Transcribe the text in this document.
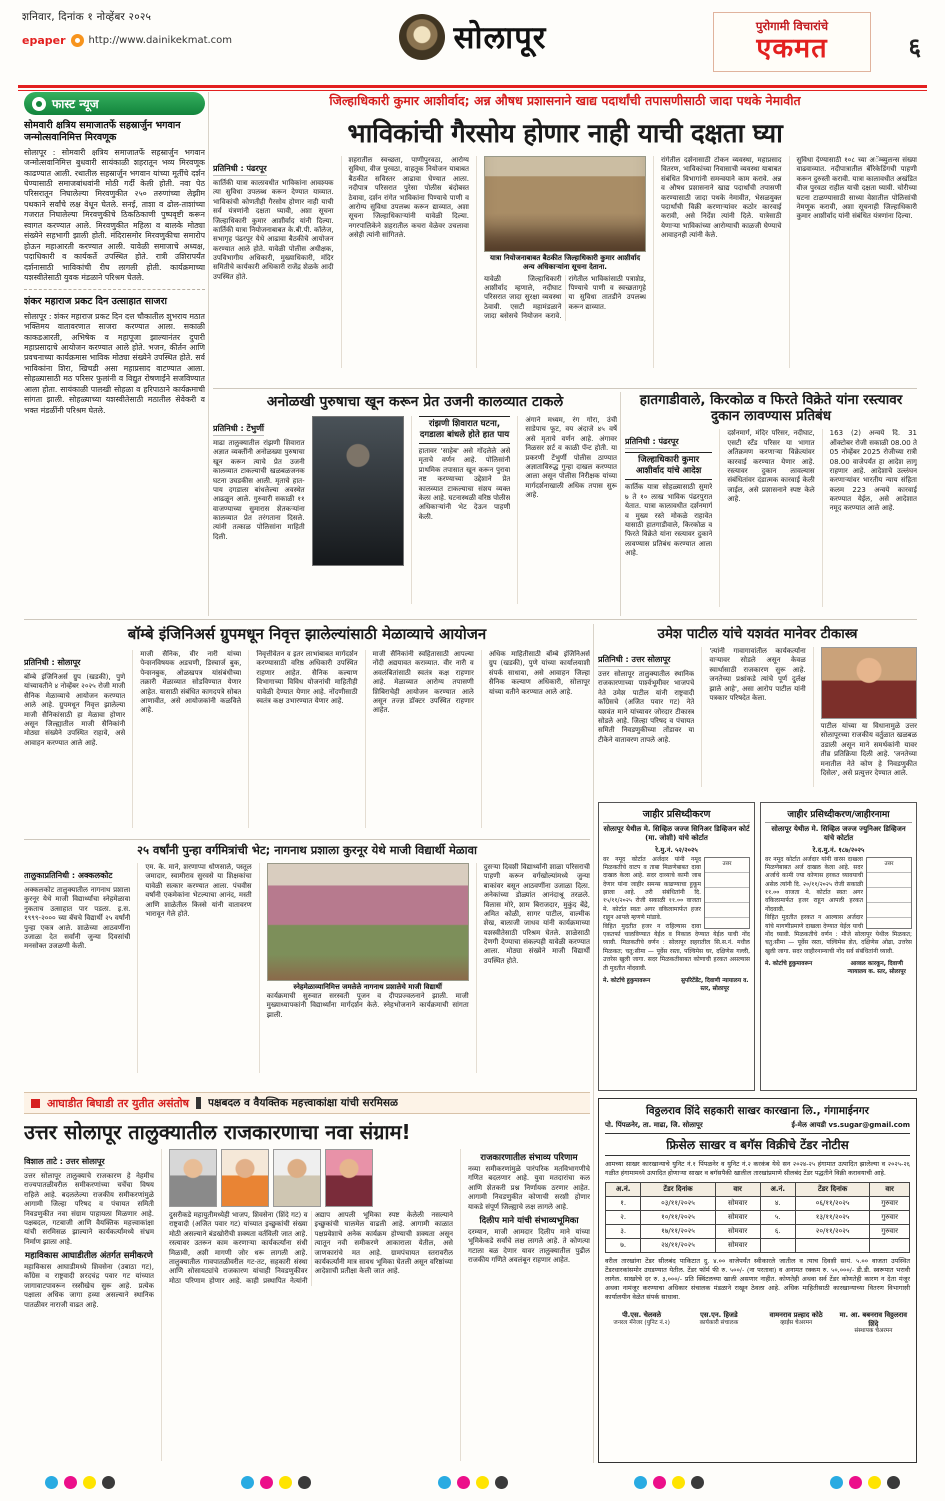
शनिवार, दिनांक १ नोव्हेंबर २०२५
epaper http://www.dainikekmat.com	सोलापूर	पुरोगामी विचारांचे
एकमत	६
फास्ट न्यूज
सोमवारी क्षत्रिय समाजातर्फे सहस्रार्जुन भगवान जन्मोत्सवानिमित्त मिरवणूक

सोलापूर : सोमवारी क्षत्रिय समाजातर्फे सहस्रार्जुन भगवान जन्मोत्सवानिमित्त बुधवारी सायंकाळी शहरातून भव्य मिरवणूक काढण्यात आली. रथातील सहस्रार्जुन भगवान यांच्या मूर्तीचे दर्शन घेण्यासाठी समाजबांधवांनी मोठी गर्दी केली होती. नवा पेठ परिसरातून निघालेल्या मिरवणुकीत २५० तरुणांच्या लेझीम पथकाने सर्वांचे लक्ष वेधून घेतले. सनई, ताशा व ढोल-ताशांच्या गजरात निघालेल्या मिरवणुकीचे ठिकठिकाणी पुष्पवृष्टी करून स्वागत करण्यात आले. मिरवणुकीत महिला व बालके मोठ्या संख्येने सहभागी झाली होती. मंदिरासमोर मिरवणुकीचा समारोप होऊन महाआरती करण्यात आली. यावेळी समाजाचे अध्यक्ष, पदाधिकारी व कार्यकर्ते उपस्थित होते. रात्री उशिरापर्यंत दर्शनासाठी भाविकांची रीघ लागली होती. कार्यक्रमाच्या यशस्वीतेसाठी युवक मंडळाने परिश्रम घेतले.

शंकर महाराज प्रकट दिन उत्साहात साजरा

सोलापूर : शंकर महाराज प्रकट दिन दत्त चौकातील शुभराय मठात भक्तिमय वातावरणात साजरा करण्यात आला. सकाळी काकडआरती, अभिषेक व महापूजा झाल्यानंतर दुपारी महाप्रसादाचे आयोजन करण्यात आले होते. भजन, कीर्तन आणि प्रवचनाच्या कार्यक्रमास भाविक मोठ्या संख्येने उपस्थित होते. सर्व भाविकांना शिरा, खिचडी असा महाप्रसाद वाटण्यात आला. सोहळ्यासाठी मठ परिसर फुलांनी व विद्युत रोषणाईने सजविण्यात आला होता. सायंकाळी पालखी सोहळा व हरिपाठाने कार्यक्रमाची सांगता झाली. सोहळ्याच्या यशस्वीतेसाठी मठातील सेवेकरी व भक्त मंडळींनी परिश्रम घेतले.

जिल्हाधिकारी कुमार आशीर्वाद; अन्न औषध प्रशासनाने खाद्य पदार्थांची तपासणीसाठी जादा पथके नेमावीत
भाविकांची गैरसोय होणार नाही याची दक्षता घ्या
प्रतिनिधी : पंढरपूर

कार्तिकी यात्रा कालावधीत भाविकांना आवश्यक त्या सुविधा उपलब्ध करून देण्यात याव्यात. भाविकांची कोणतीही गैरसोय होणार नाही याची सर्व यंत्रणांनी दक्षता घ्यावी, अशा सूचना जिल्हाधिकारी कुमार आशीर्वाद यांनी दिल्या. कार्तिकी यात्रा नियोजनाबाबत के.बी.पी. कॉलेज, सभागृह पंढरपूर येथे आढावा बैठकीचे आयोजन करण्यात आले होते. यावेळी पोलीस अधीक्षक, उपविभागीय अधिकारी, मुख्याधिकारी, मंदिर समितीचे कार्यकारी अधिकारी राजेंद्र शेळके आदी उपस्थित होते.

शहरातील स्वच्छता, पाणीपुरवठा, आरोग्य सुविधा, वीज पुरवठा, वाहतूक नियोजन याबाबत बैठकीत सविस्तर आढावा घेण्यात आला. नदीपात्र परिसरात पुरेसा पोलीस बंदोबस्त ठेवावा, दर्शन रांगेत भाविकांना पिण्याचे पाणी व आरोग्य सुविधा उपलब्ध करून द्याव्यात, अशा सूचना जिल्हाधिकाऱ्यांनी यावेळी दिल्या. नगरपालिकेने शहरातील कचरा वेळेवर उचलावा असेही त्यांनी सांगितले.

यात्रा नियोजनाबाबत बैठकीत जिल्हाधिकारी कुमार आशीर्वाद अन्य अधिकाऱ्यांना सूचना देताना.
यावेळी जिल्हाधिकारी आशीर्वाद म्हणाले, नदीघाट परिसरात जादा सुरक्षा व्यवस्था ठेवावी. एसटी महामंडळाने जादा बसेसचे नियोजन करावे. रांगेतील भाविकांसाठी पत्राशेड, पिण्याचे पाणी व स्वच्छतागृहे या सुविधा तातडीने उपलब्ध करून द्याव्यात.

रांगेतील दर्शनासाठी टोकन व्यवस्था, महाप्रसाद वितरण, भाविकांच्या निवासाची व्यवस्था याबाबत संबंधित विभागांनी समन्वयाने काम करावे. अन्न व औषध प्रशासनाने खाद्य पदार्थांची तपासणी करण्यासाठी जादा पथके नेमावीत, भेसळयुक्त पदार्थांची विक्री करणाऱ्यांवर कठोर कारवाई करावी, असे निर्देश त्यांनी दिले. यात्रेसाठी येणाऱ्या भाविकांच्या आरोग्याची काळजी घेण्याचे आवाहनही त्यांनी केले.

सुविधा देण्यासाठी १०८ च्या अॅम्ब्युलन्स संख्या वाढवाव्यात. नदीपात्रातील बॅरिकेडिंगची पाहणी करून दुरुस्ती करावी. यात्रा कालावधीत अखंडित वीज पुरवठा राहील याची दक्षता घ्यावी. चोरीच्या घटना टाळण्यासाठी साध्या वेशातील पोलिसांची नेमणूक करावी, अशा सूचनाही जिल्हाधिकारी कुमार आशीर्वाद यांनी संबंधित यंत्रणांना दिल्या.

अनोळखी पुरुषाचा खून करून प्रेत उजनी कालव्यात टाकले
प्रतिनिधी : टेंभुर्णी

माढा तालुक्यातील रांझणी शिवारात अज्ञात व्यक्तींनी अनोळख्या पुरुषाचा खून करून त्याचे प्रेत उजनी कालव्यात टाकल्याची खळबळजनक घटना उघडकीस आली. मृताचे हात-पाय दगडाला बांधलेल्या अवस्थेत आढळून आले. गुरुवारी सकाळी ११ वाजण्याच्या सुमारास शेतकऱ्यांना कालव्यात प्रेत तरंगताना दिसले. त्यांनी तत्काळ पोलिसांना माहिती दिली.

रांझणी शिवारात घटना, दगडाला बांधले होते हात पाय

हातावर 'साहेब' असे गोंदलेले असे मृताचे वर्णन आहे. पोलिसांनी प्राथमिक तपासात खून करून पुरावा नष्ट करण्याच्या उद्देशाने प्रेत कालव्यात टाकल्याचा संशय व्यक्त केला आहे. घटनास्थळी वरिष्ठ पोलीस अधिकाऱ्यांनी भेट देऊन पाहणी केली.

अंगाने मध्यम, रंग गोरा, उंची साडेपाच फूट, वय अंदाजे ४५ वर्षे असे मृताचे वर्णन आहे. अंगावर निळसर शर्ट व काळी पॅन्ट होती. या प्रकरणी टेंभुर्णी पोलीस ठाण्यात अज्ञाताविरुद्ध गुन्हा दाखल करण्यात आला असून पोलीस निरीक्षक यांच्या मार्गदर्शनाखाली अधिक तपास सुरू आहे.

हातगाडीवाले, किरकोळ व फिरते विक्रेते यांना रस्त्यावर दुकान लावण्यास प्रतिबंध
प्रतिनिधी : पंढरपूर
जिल्हाधिकारी कुमार आशीर्वाद यांचे आदेश

कार्तिक यात्रा सोहळ्यासाठी सुमारे ७ ते १० लाख भाविक पंढरपुरात येतात. यात्रा कालावधीत दर्शनमार्ग व मुख्य रस्ते मोकळे राहावेत यासाठी हातगाडीवाले, किरकोळ व फिरते विक्रेते यांना रस्त्यावर दुकाने लावण्यास प्रतिबंध करण्यात आला आहे.

दर्शनमार्ग, मंदिर परिसर, नदीघाट, एसटी स्टँड परिसर या भागात अतिक्रमण करणाऱ्या विक्रेत्यांवर कारवाई करण्यात येणार आहे. रस्त्यावर दुकान लावल्यास संबंधितांवर दंडात्मक कारवाई केली जाईल, असे प्रशासनाने स्पष्ट केले आहे.

163 (2) अन्वये दि. 31 ऑक्टोबर रोजी सकाळी 08.00 ते 05 नोव्हेंबर 2025 रोजीच्या रात्री 08.00 वाजेपर्यंत हा आदेश लागू राहणार आहे. आदेशाचे उल्लंघन करणाऱ्यांवर भारतीय न्याय संहिता कलम 223 अन्वये कारवाई करण्यात येईल, असे आदेशात नमूद करण्यात आले आहे.

बॉम्बे इंजिनिअर्स ग्रुपमधून निवृत्त झालेल्यांसाठी मेळाव्याचे आयोजन
प्रतिनिधी : सोलापूर

बॉम्बे इंजिनिअर्स ग्रुप (खडकी), पुणे यांच्यावतीने ४ नोव्हेंबर २०२५ रोजी माजी सैनिक मेळाव्याचे आयोजन करण्यात आले आहे. ग्रुपमधून निवृत्त झालेल्या माजी सैनिकांसाठी हा मेळावा होणार असून जिल्ह्यातील माजी सैनिकांनी मोठ्या संख्येने उपस्थित राहावे, असे आवाहन करण्यात आले आहे.

माजी सैनिक, वीर नारी यांच्या पेन्शनविषयक अडचणी, डिस्चार्ज बुक, पेन्शनबुक, ओळखपत्र यांसंबंधीच्या तक्रारी मेळाव्यात सोडविण्यात येणार आहेत. यासाठी संबंधित कागदपत्रे सोबत आणावीत, असे आयोजकांनी कळविले आहे.

निवृत्तीवेतन व इतर लाभांबाबत मार्गदर्शन करण्यासाठी वरिष्ठ अधिकारी उपस्थित राहणार आहेत. सैनिक कल्याण विभागाच्या विविध योजनांची माहितीही यावेळी देण्यात येणार आहे. नोंदणीसाठी स्वतंत्र कक्ष उभारण्यात येणार आहे.

माजी सैनिकांनी स्वहितासाठी आपल्या नोंदी अद्ययावत कराव्यात. वीर नारी व अवलंबितांसाठी स्वतंत्र कक्ष राहणार आहे. मेळाव्यात आरोग्य तपासणी शिबिराचेही आयोजन करण्यात आले असून तज्ज्ञ डॉक्टर उपस्थित राहणार आहेत.

अधिक माहितीसाठी बॉम्बे इंजिनिअर्स ग्रुप (खडकी), पुणे यांच्या कार्यालयाशी संपर्क साधावा, असे आवाहन जिल्हा सैनिक कल्याण अधिकारी, सोलापूर यांच्या वतीने करण्यात आले आहे.

उमेश पाटील यांचे यशवंत मानेवर टीकास्त्र
प्रतिनिधी : उत्तर सोलापूर

उत्तर सोलापूर तालुक्यातील स्थानिक राजकारणाच्या पार्श्वभूमीवर भाजपचे नेते उमेश पाटील यांनी राष्ट्रवादी काँग्रेसचे (अजित पवार गट) नेते यशवंत माने यांच्यावर जोरदार टीकास्त्र सोडले आहे. जिल्हा परिषद व पंचायत समिती निवडणुकीच्या तोंडावर या टीकेने वातावरण तापले आहे.

'त्यांनी गावागावांतील कार्यकर्त्यांना वाऱ्यावर सोडले असून केवळ स्वार्थासाठी राजकारण सुरू आहे. जनतेच्या प्रश्नांकडे त्यांचे पूर्ण दुर्लक्ष झाले आहे', असा आरोप पाटील यांनी पत्रकार परिषदेत केला.

पाटील यांच्या या विधानामुळे उत्तर सोलापूरच्या राजकीय वर्तुळात खळबळ उडाली असून माने समर्थकांनी यावर तीव्र प्रतिक्रिया दिली आहे. 'जनतेच्या मनातील नेते कोण हे निवडणुकीत दिसेल', असे प्रत्युत्तर देण्यात आले.

२५ वर्षांनी पुन्हा वर्गमित्रांची भेट; नागनाथ प्रशाला कुरनूर येथे माजी विद्यार्थी मेळावा
तालुकाप्रतिनिधी : अक्कलकोट

अक्कलकोट तालुक्यातील नागनाथ प्रशाला कुरनूर येथे माजी विद्यार्थ्यांचा स्नेहमेळावा नुकताच उत्साहात पार पडला. इ.स. १९९९-२००० च्या बॅचचे विद्यार्थी २५ वर्षांनी पुन्हा एकत्र आले. शाळेच्या आठवणींना उजाळा देत सर्वांनी जुन्या दिवसांची मनसोक्त उजळणी केली.

एम. के. माने, शरणाप्पा धोणसाले, पस्तूल जमादार, स्वामीराव सुरवसे या शिक्षकांचा यावेळी सत्कार करण्यात आला. पंचवीस वर्षांनी एकमेकांना भेटल्याचा आनंद, मस्ती आणि शाळेतील किस्से यांनी वातावरण भारावून गेले होते.

स्नेहमेळाव्यानिमित्त जमलेले नागनाथ प्रशालेचे माजी विद्यार्थी

कार्यक्रमाची सुरुवात सरस्वती पूजन व दीपप्रज्वलनाने झाली. माजी मुख्याध्यापकांनी विद्यार्थ्यांना मार्गदर्शन केले. स्नेहभोजनाने कार्यक्रमाची सांगता झाली.

दुसऱ्या दिवशी विद्यार्थ्यांनी शाळा परिसराची पाहणी करून वर्गखोल्यांमध्ये जुन्या बाकांवर बसून आठवणींना उजाळा दिला. अनेकांच्या डोळ्यांत आनंदाश्रू तरळले. विलास मोरे, शाम बिराजदार, मुकुंद बेंद्रे, अमित कोळी, सागर पाटील, वाल्मीक शेख, बालाजी जाधव यांनी कार्यक्रमाच्या यशस्वीतेसाठी परिश्रम घेतले. शाळेसाठी देणगी देण्याचा संकल्पही यावेळी करण्यात आला. मोठ्या संख्येने माजी विद्यार्थी उपस्थित होते.

जाहीर प्रसिध्दीकरण
सोलापूर येथील मे. सिव्हिल जज्ज सिनिअर डिव्हिजन कोर्ट (मा. जोशी) यांचे कोर्टात
रे.मु.नं. ५२/२०२५
उत्तर

वर नमूद कोर्टात अर्जदार यांनी नमूद मिळकतीचे वाटप व ताबा मिळणेबाबत दावा दाखल केला आहे. सदर दाव्याचे कामी जाब देणार यांना जाहीर समन्स काढण्याचा हुकूम झाला आहे. तरी संबंधितांनी दि. १५/११/२०२५ रोजी सकाळी ११.०० वाजता मे. कोर्टात स्वतः अगर वकिलामार्फत हजर राहून आपले म्हणणे मांडावे.

विहित मुदतीत हजर न राहिल्यास दावा एकतर्फा चालविण्यात येईल व निकाल देण्यात येईल याची नोंद घ्यावी. मिळकतीचे वर्णन : सोलापूर शहरातील सि.स.नं. मधील मिळकत; चतु:सीमा — पूर्वेस रस्ता, पश्चिमेस घर, दक्षिणेस गल्ली, उत्तरेस खुली जागा. सदर मिळकतीबाबत कोणाची हरकत असल्यास ती मुदतीत नोंदवावी.

मे. कोर्टाचे हुकुमावरून	सुपरिटेंडेंट, दिवाणी न्यायालय व. स्तर, सोलापूर
जाहीर प्रसिध्दीकरण/जाहीरनामा
सोलापूर येथील मे. सिव्हिल जज्ज ज्युनिअर डिव्हिजन यांचे कोर्टात
रे.द.मु.नं. १८७/२०२५
उत्तर

वर नमूद कोर्टात अर्जदार यांनी वारस दाखला मिळणेबाबत अर्ज दाखल केला आहे. सदर अर्जाचे कामी ज्या कोणास हरकत घ्यावयाची असेल त्यांनी दि. २०/११/२०२५ रोजी सकाळी ११.०० वाजता मे. कोर्टात स्वतः अगर वकिलामार्फत हजर राहून आपली हरकत नोंदवावी.

विहित मुदतीत हरकत न आल्यास अर्जदार यांचे मागणीप्रमाणे दाखला देण्यात येईल याची नोंद घ्यावी. मिळकतीचे वर्णन : मौजे सोलापूर येथील मिळकत; चतु:सीमा — पूर्वेस रस्ता, पश्चिमेस शेत, दक्षिणेस ओढा, उत्तरेस खुली जागा. सदर जाहीरनाम्याची नोंद सर्व संबंधितांनी घ्यावी.

मे. कोर्टाचे हुकुमावरून	आव्वल कारकून, दिवाणी न्यायालय क. स्तर, सोलापूर
आघाडीत बिघाडी तर युतीत असंतोष पक्षबदल व वैयक्तिक महत्त्वाकांक्षा यांची सरमिसळ
उत्तर सोलापूर तालुक्यातील राजकारणाचा नवा संग्राम!
विशाल ताटे : उत्तर सोलापूर

उत्तर सोलापूर तालुक्याचे राजकारण हे नेहमीच राज्यपातळीवरील समीकरणांच्या चर्चेचा विषय राहिले आहे. बदललेल्या राजकीय समीकरणांमुळे आगामी जिल्हा परिषद व पंचायत समिती निवडणुकीत नवा संग्राम पाहायला मिळणार आहे. पक्षबदल, गटबाजी आणि वैयक्तिक महत्त्वाकांक्षा यांची सरमिसळ झाल्याने कार्यकर्त्यांमध्ये संभ्रम निर्माण झाला आहे.

महाविकास आघाडीतील अंतर्गत समीकरणे

महाविकास आघाडीमध्ये शिवसेना (उबाठा गट), काँग्रेस व राष्ट्रवादी शरदचंद्र पवार गट यांच्यात जागावाटपावरून रस्सीखेच सुरू आहे. प्रत्येक पक्षाला अधिक जागा हव्या असल्याने स्थानिक पातळीवर नाराजी वाढत आहे.

दुसरीकडे महायुतीमध्येही भाजप, शिवसेना (शिंदे गट) व राष्ट्रवादी (अजित पवार गट) यांच्यात इच्छुकांची संख्या मोठी असल्याने बंडखोरीची शक्यता वर्तविली जात आहे. रस्त्यावर उतरून काम करणाऱ्या कार्यकर्त्यांना संधी मिळावी, अशी मागणी जोर धरू लागली आहे. तालुक्यातील गावपातळीवरील गट-तट, सहकारी संस्था आणि सोसायट्यांचे राजकारण यांचाही निवडणुकीवर मोठा परिणाम होणार आहे. काही प्रस्थापित नेत्यांनी अद्याप आपली भूमिका स्पष्ट केलेली नसल्याने इच्छुकांची घालमेल वाढली आहे. आगामी काळात पक्षप्रवेशाचे अनेक कार्यक्रम होण्याची शक्यता असून त्यातून नवी समीकरणे आकाराला येतील, असे जाणकारांचे मत आहे. ग्रामपंचायत स्तरावरील कार्यकर्त्यांनी मात्र सावध भूमिका घेतली असून वरिष्ठांच्या आदेशाची प्रतीक्षा केली जात आहे.
राजकारणातील संभाव्य परिणाम

नव्या समीकरणांमुळे पारंपरिक मतविभागणीचे गणित बदलणार आहे. युवा मतदारांचा कल आणि शेतकरी प्रश्न निर्णायक ठरणार आहेत. आगामी निवडणुकीत कोणाची सरशी होणार याकडे संपूर्ण जिल्ह्याचे लक्ष लागले आहे.

दिलीप माने यांची संभाव्यभूमिका

दरम्यान, माजी आमदार दिलीप माने यांच्या भूमिकेकडे सर्वांचे लक्ष लागले आहे. ते कोणत्या गटाला बळ देणार यावर तालुक्यातील पुढील राजकीय गणिते अवलंबून राहणार आहेत.

विठ्ठलराव शिंदे सहकारी साखर कारखाना लि., गंगामाईनगर
पो. पिंपळनेर, ता. माढा, जि. सोलापूर	ई-मेल आयडी vs.sugar@gmail.com
फ्रिसेल साखर व बगॅस विक्रीचे टेंडर नोटीस

आमच्या साखर कारखान्याचे युनिट नं.१ पिंपळनेर व युनिट नं.२ करकंब येथे सन २०२४-२५ हंगामात उत्पादित झालेल्या व २०२५-२६ गळीत हंगामामध्ये उत्पादित होणाऱ्या साखर व बगॅसपैकी खालील तारखांप्रमाणे सीलबंद टेंडर पद्धतीने विक्री करावयाची आहे.

अ.नं.	टेंडर दिनांक	वार	अ.नं.	टेंडर दिनांक	वार
१.	०३/११/२०२५	सोमवार	४.	०६/११/२०२५	गुरुवार
२.	१०/११/२०२५	सोमवार	५.	१३/११/२०२५	गुरुवार
३.	१७/११/२०२५	सोमवार	६.	२०/११/२०२५	गुरुवार
७.	२४/११/२०२५	सोमवार			

वरील तारखांना टेंडर सीलबंद पाकिटात दु. ४.०० वाजेपर्यंत स्वीकारले जातील व त्याच दिवशी सायं. ५.०० वाजता उपस्थित टेंडरधारकांसमोर उघडण्यात येतील. टेंडर फॉर्म फी रु. ५००/- (ना परतावा) व अनामत रक्कम रु. ५०,०००/- डी.डी. स्वरूपात भरावी लागेल. साखरेचे दर रु. ३,०००/- प्रति क्विंटलच्या खाली असणार नाहीत. कोणतेही अथवा सर्व टेंडर कोणतेही कारण न देता मंजूर अथवा नामंजूर करण्याचा अधिकार संचालक मंडळाने राखून ठेवला आहे. अधिक माहितीसाठी कारखान्याच्या वितरण विभागाशी कार्यालयीन वेळेत संपर्क साधावा.

पी.एस. चेलवले
जनरल मॅनेजर (युनिट नं.२)
एस.एन. हिजडे
कार्यकारी संचालक
वामनराव प्रल्हाद कोठे
व्हाईस चेअरमन
मा. आ. बबनराव विठ्ठलराव शिंदे
संस्थापक चेअरमन
